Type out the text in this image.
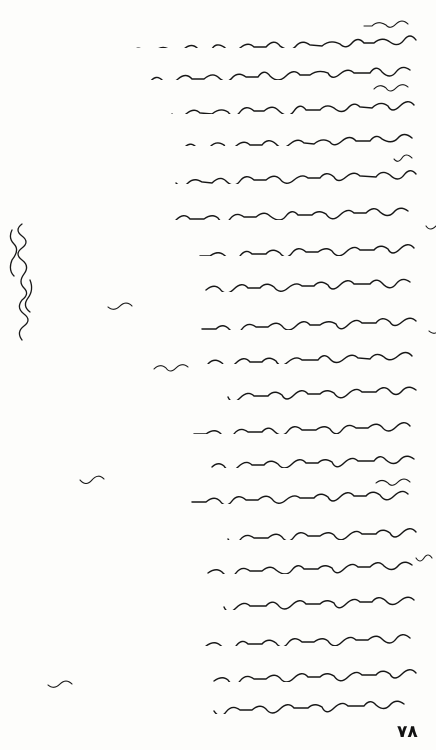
۷۸
